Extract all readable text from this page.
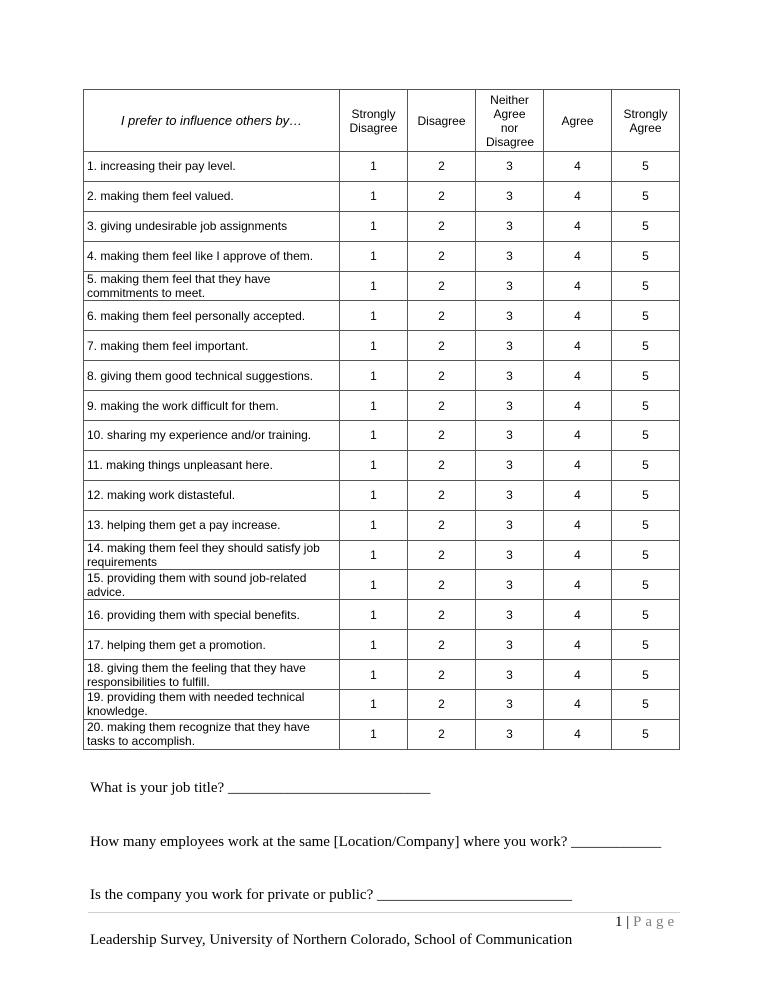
I prefer to influence others by…	Strongly Disagree	Disagree	Neither Agree nor Disagree	Agree	Strongly Agree
1. increasing their pay level.	1	2	3	4	5
2. making them feel valued.	1	2	3	4	5
3. giving undesirable job assignments	1	2	3	4	5
4. making them feel like I approve of them.	1	2	3	4	5
5. making them feel that they have commitments to meet.	1	2	3	4	5
6. making them feel personally accepted.	1	2	3	4	5
7. making them feel important.	1	2	3	4	5
8. giving them good technical suggestions.	1	2	3	4	5
9. making the work difficult for them.	1	2	3	4	5
10. sharing my experience and/or training.	1	2	3	4	5
11. making things unpleasant here.	1	2	3	4	5
12. making work distasteful.	1	2	3	4	5
13. helping them get a pay increase.	1	2	3	4	5
14. making them feel they should satisfy job requirements	1	2	3	4	5
15. providing them with sound job-related advice.	1	2	3	4	5
16. providing them with special benefits.	1	2	3	4	5
17. helping them get a promotion.	1	2	3	4	5
18. giving them the feeling that they have responsibilities to fulfill.	1	2	3	4	5
19. providing them with needed technical knowledge.	1	2	3	4	5
20. making them recognize that they have tasks to accomplish.	1	2	3	4	5
What is your job title? ___________________________
How many employees work at the same [Location/Company] where you work? ____________
Is the company you work for private or public? __________________________
1 | Page
Leadership Survey, University of Northern Colorado, School of Communication
